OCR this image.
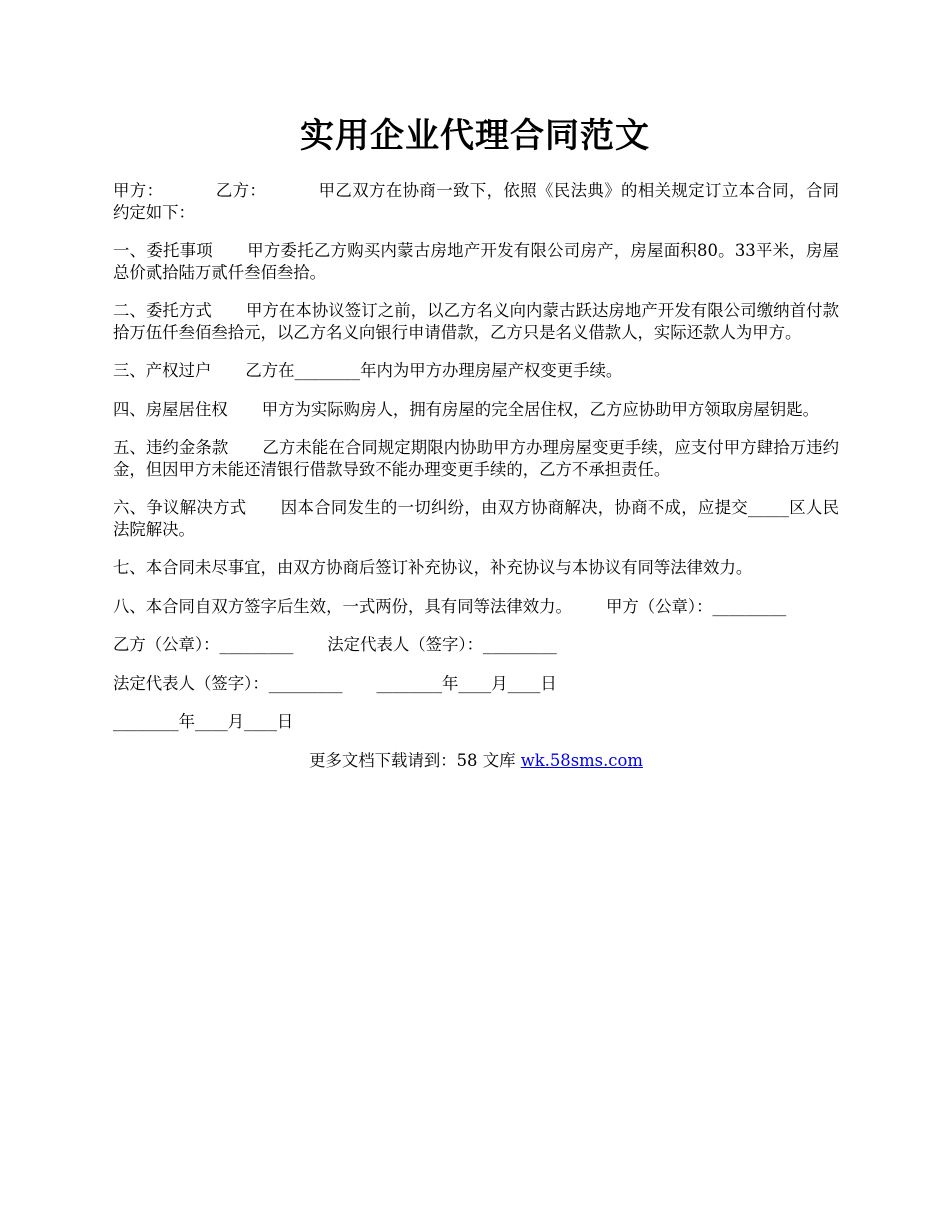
实用企业代理合同范文

甲方：	乙方：	甲乙双方在协商一致下，依照《民法典》的相关规定订立本合同，合同约定如下：

一、委托事项 甲方委托乙方购买内蒙古房地产开发有限公司房产，房屋面积80。33平米，房屋总价贰拾陆万贰仟叁佰叁拾。

二、委托方式 甲方在本协议签订之前，以乙方名义向内蒙古跃达房地产开发有限公司缴纳首付款拾万伍仟叁佰叁拾元，以乙方名义向银行申请借款，乙方只是名义借款人，实际还款人为甲方。

三、产权过户 乙方在________年内为甲方办理房屋产权变更手续。

四、房屋居住权 甲方为实际购房人，拥有房屋的完全居住权，乙方应协助甲方领取房屋钥匙。

五、违约金条款 乙方未能在合同规定期限内协助甲方办理房屋变更手续，应支付甲方肆拾万违约金，但因甲方未能还清银行借款导致不能办理变更手续的，乙方不承担责任。

六、争议解决方式 因本合同发生的一切纠纷，由双方协商解决，协商不成，应提交_____区人民法院解决。

七、本合同未尽事宜，由双方协商后签订补充协议，补充协议与本协议有同等法律效力。

八、本合同自双方签字后生效，一式两份，具有同等法律效力。 甲方（公章）：_________

乙方（公章）：_________ 法定代表人（签字）：_________

法定代表人（签字）：_________ ________年____月____日

________年____月____日

更多文档下载请到：58 文库 wk.58sms.com
